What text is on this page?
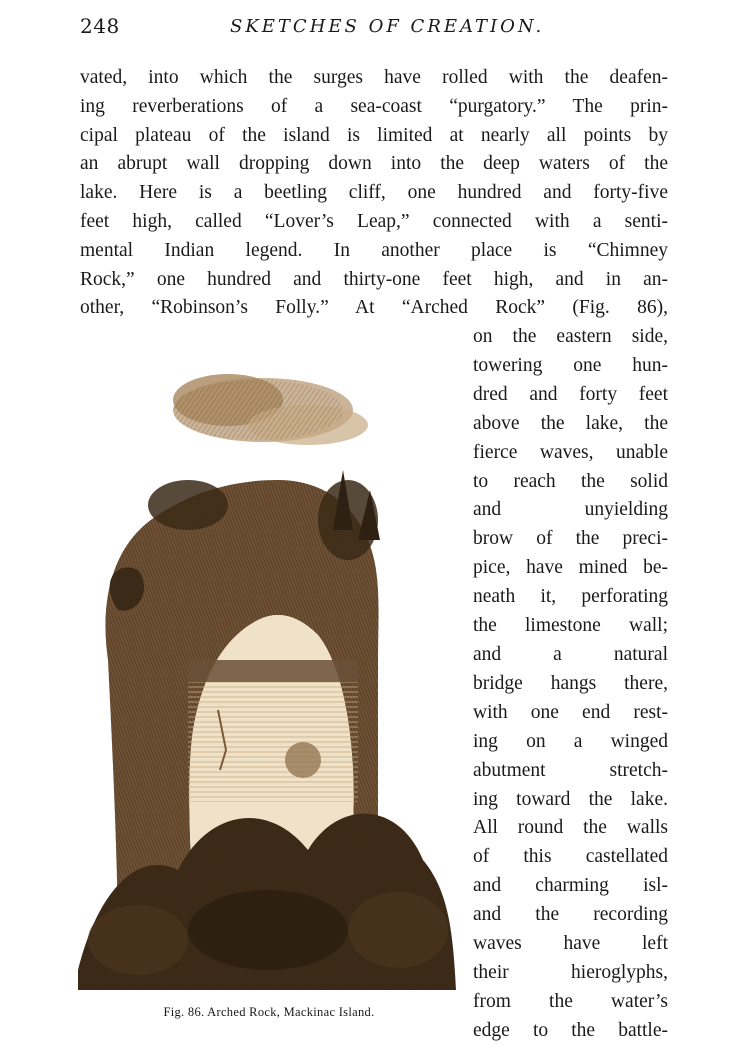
248	SKETCHES OF CREATION.
vated, into which the surges have rolled with the deafen-
ing reverberations of a sea-coast “purgatory.” The prin-
cipal plateau of the island is limited at nearly all points by
an abrupt wall dropping down into the deep waters of the
lake. Here is a beetling cliff, one hundred and forty-five
feet high, called “Lover’s Leap,” connected with a senti-
mental Indian legend. In another place is “Chimney
Rock,” one hundred and thirty-one feet high, and in an-
other, “Robinson’s Folly.” At “Arched Rock” (Fig. 86),
on the eastern side,
towering one hun-
dred and forty feet
above the lake, the
fierce waves, unable
to reach the solid
and unyielding
brow of the preci-
pice, have mined be-
neath it, perforating
the limestone wall;
and a natural
bridge hangs there,
with one end rest-
ing on a winged
abutment stretch-
ing toward the lake.
All round the walls
of this castellated
and charming isl-
and the recording
waves have left
their hieroglyphs,
from the water’s
edge to the battle-
Fig. 86. Arched Rock, Mackinac Island.
